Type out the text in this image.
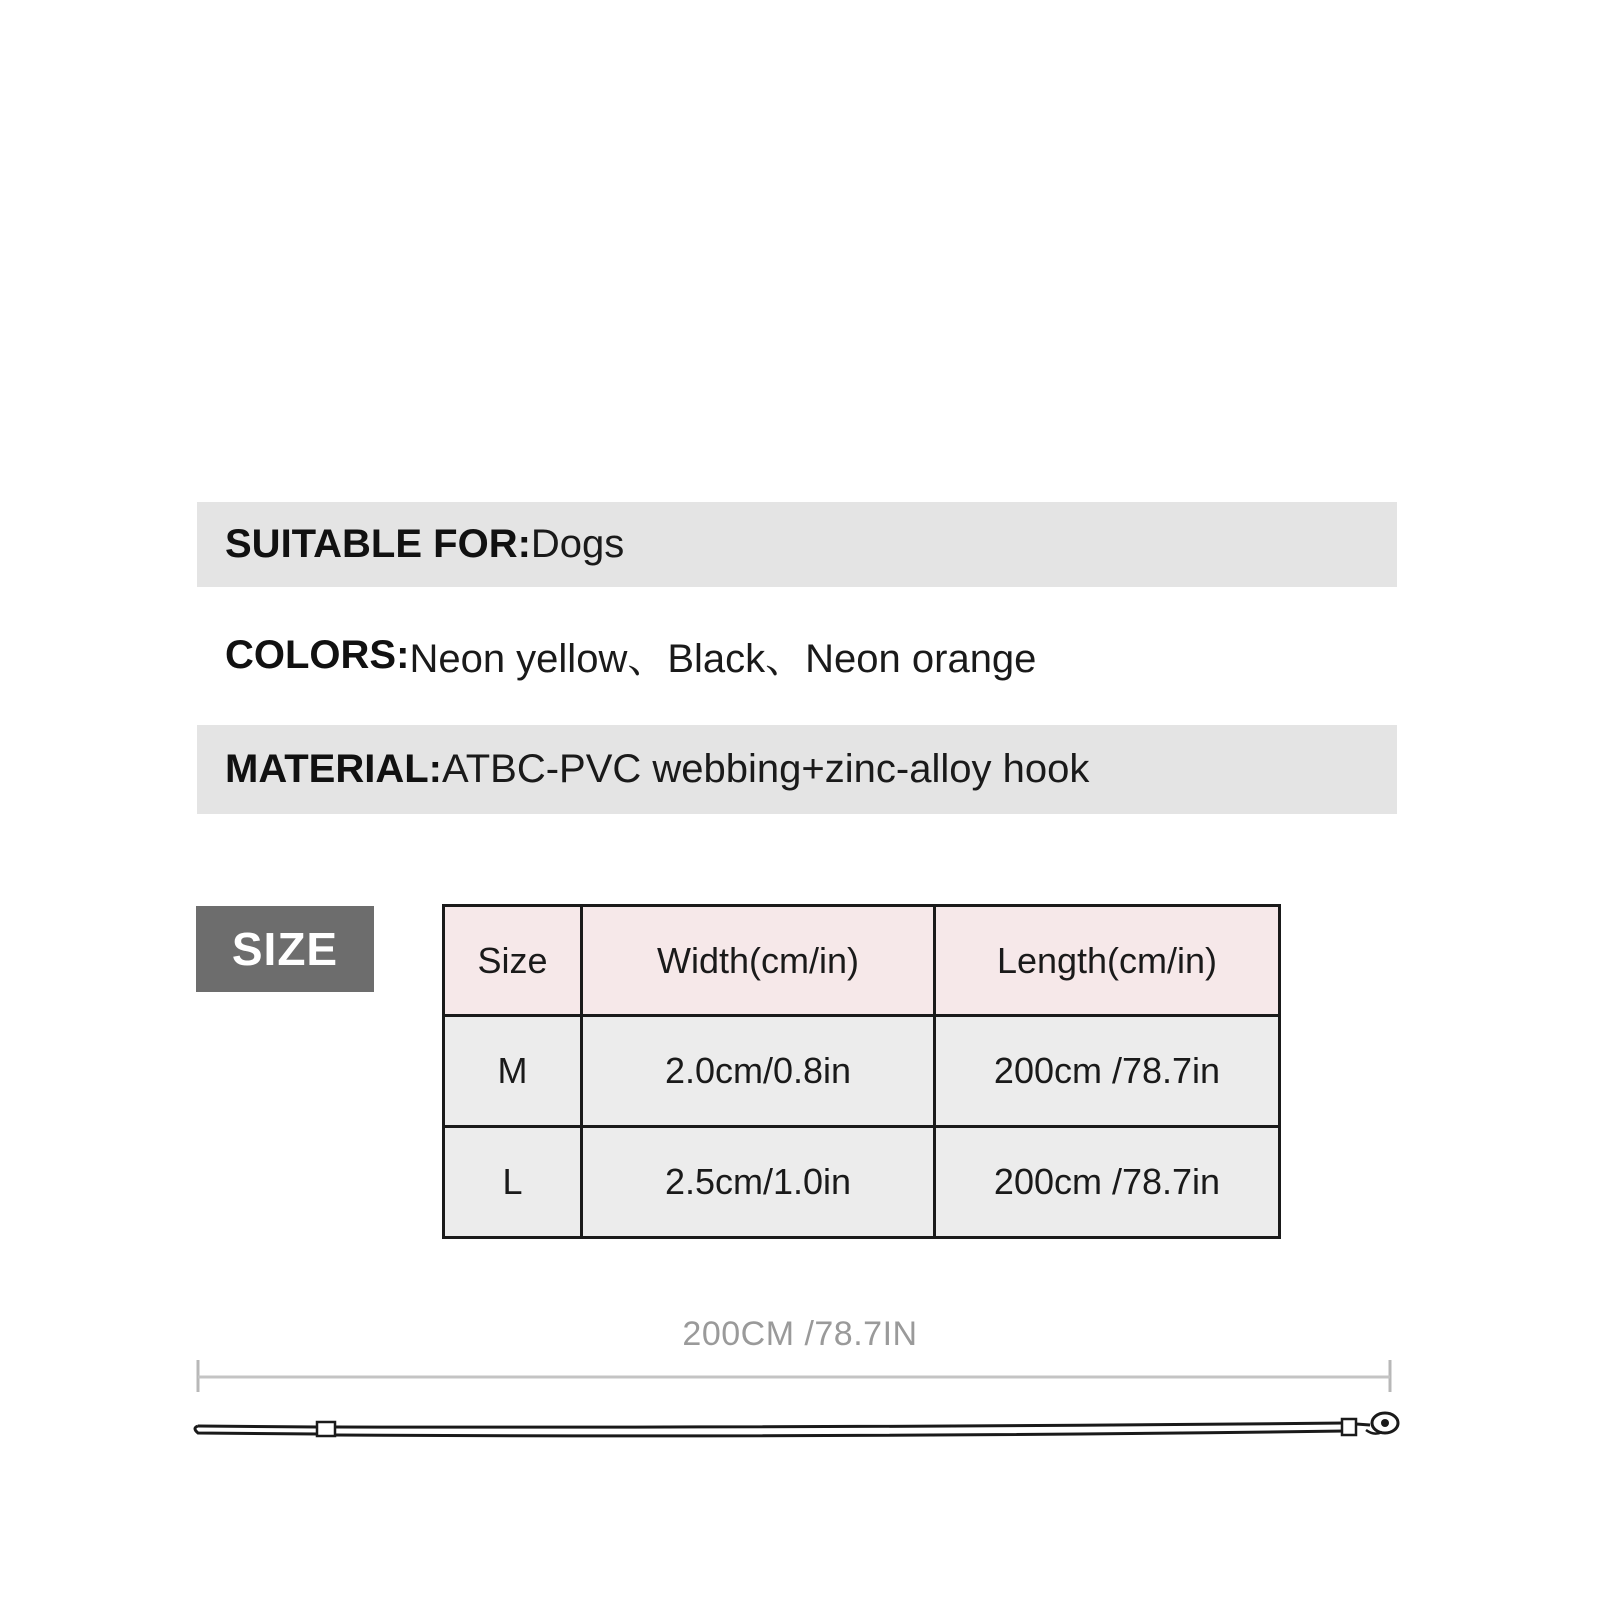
SUITABLE FOR: Dogs
COLORS: Neon yellow、Black、Neon orange
MATERIAL: ATBC-PVC webbing+zinc-alloy hook
SIZE	Size	Width(cm/in)	Length(cm/in)
M	2.0cm/0.8in	200cm /78.7in
L	2.5cm/1.0in	200cm /78.7in
200CM /78.7IN
